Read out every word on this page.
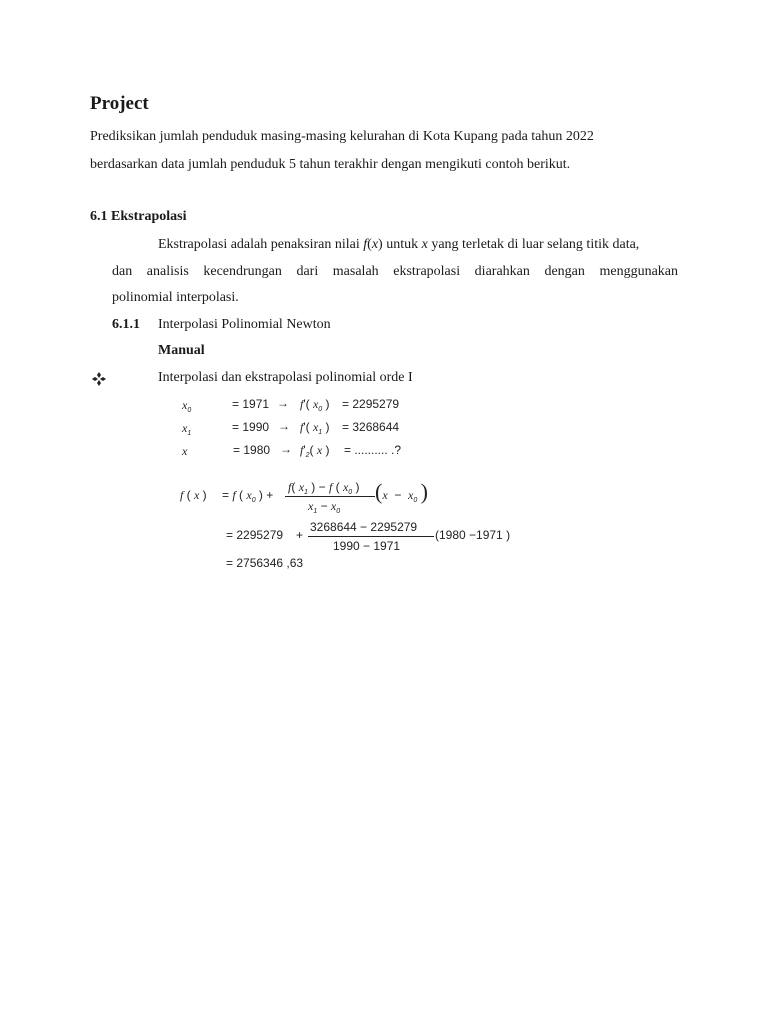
Project
Prediksikan jumlah penduduk masing-masing kelurahan di Kota Kupang pada tahun 2022
berdasarkan data jumlah penduduk 5 tahun terakhir dengan mengikuti contoh berikut.
6.1 Ekstrapolasi
Ekstrapolasi adalah penaksiran nilai f(x) untuk x yang terletak di luar selang titik data,
dan analisis kecendrungan dari masalah ekstrapolasi diarahkan dengan menggunakan
polinomial interpolasi.
6.1.1 Interpolasi Polinomial Newton
Manual
Interpolasi dan ekstrapolasi polinomial orde I
$x_0$	= 1971 → f'( $x_0$ ) = 2295279
$x_1$	= 1990 → f'( $x_1$ ) = 3268644
x	= $1980 \to f'_2$( x ) = .......... .?
f ( x ) = f ( $x_0$ ) +
f( $x_1$ ) − f ( $x_0$ )
$x_1 - x_0$
($x - x_0$ )
= 2295279 +
3268644 − 2295279
1990 − 1971
(1980 −1971 )
= 2756346 ,63
